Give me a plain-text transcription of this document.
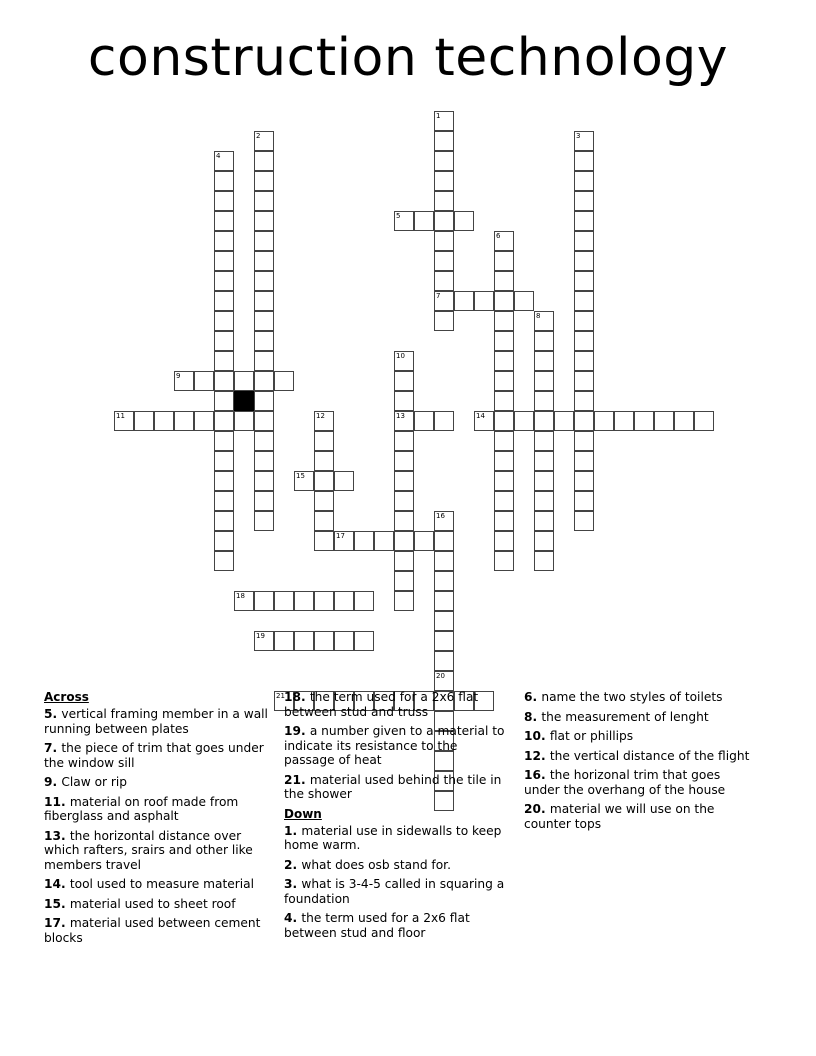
construction technology
1
7
2	3
4
5
6
8
9
10
13
11	12	14
15
16
17
18
19
20
21
Across

5. vertical framing member in a wall running between plates

7. the piece of trim that goes under the window sill

9. Claw or rip

11. material on roof made from fiberglass and asphalt

13. the horizontal distance over which rafters, srairs and other like members travel

14. tool used to measure material

15. material used to sheet roof

17. material used between cement blocks

18. the term used for a 2x6 flat between stud and truss

19. a number given to a material to indicate its resistance to the passage of heat

21. material used behind the tile in the shower

Down

1. material use in sidewalls to keep home warm.

2. what does osb stand for.

3. what is 3-4-5 called in squaring a foundation

4. the term used for a 2x6 flat between stud and floor

6. name the two styles of toilets

8. the measurement of lenght

10. flat or phillips

12. the vertical distance of the flight

16. the horizonal trim that goes under the overhang of the house

20. material we will use on the counter tops
